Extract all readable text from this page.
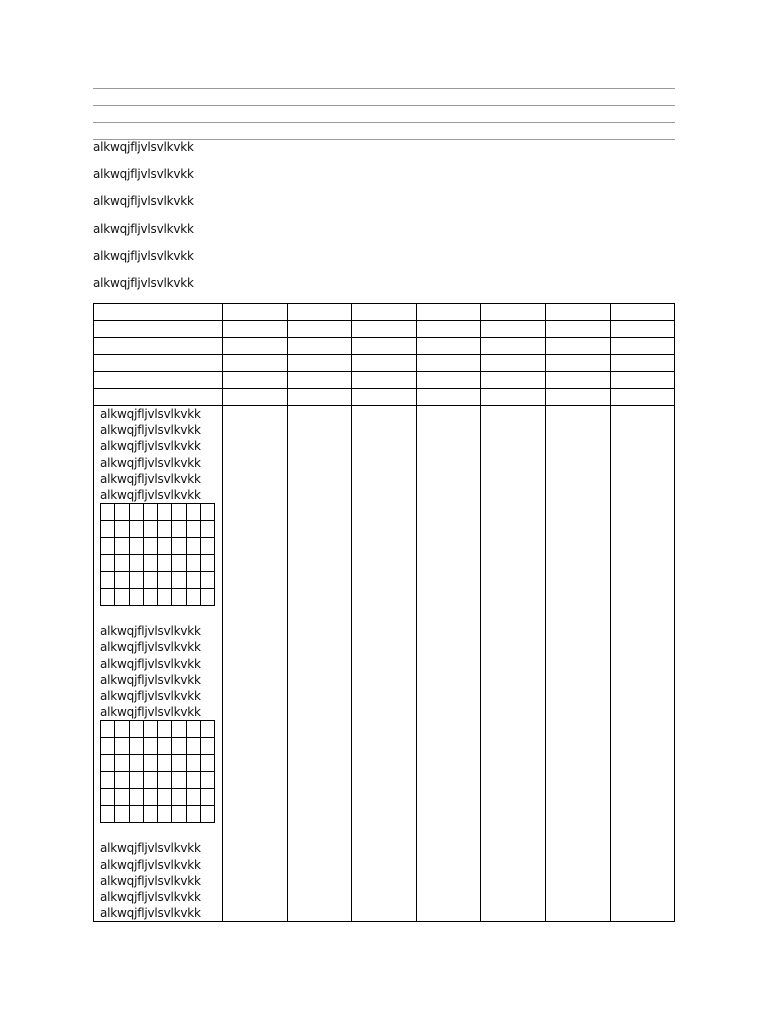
alkwqjfljvlsvlkvkk
alkwqjfljvlsvlkvkk
alkwqjfljvlsvlkvkk
alkwqjfljvlsvlkvkk
alkwqjfljvlsvlkvkk
alkwqjfljvlsvlkvkk

alkwqjfljvlsvlkvkk
alkwqjfljvlsvlkvkk
alkwqjfljvlsvlkvkk
alkwqjfljvlsvlkvkk
alkwqjfljvlsvlkvkk
alkwqjfljvlsvlkvkk

alkwqjfljvlsvlkvkk
alkwqjfljvlsvlkvkk
alkwqjfljvlsvlkvkk
alkwqjfljvlsvlkvkk
alkwqjfljvlsvlkvkk
alkwqjfljvlsvlkvkk

alkwqjfljvlsvlkvkk
alkwqjfljvlsvlkvkk
alkwqjfljvlsvlkvkk
alkwqjfljvlsvlkvkk
alkwqjfljvlsvlkvkk
